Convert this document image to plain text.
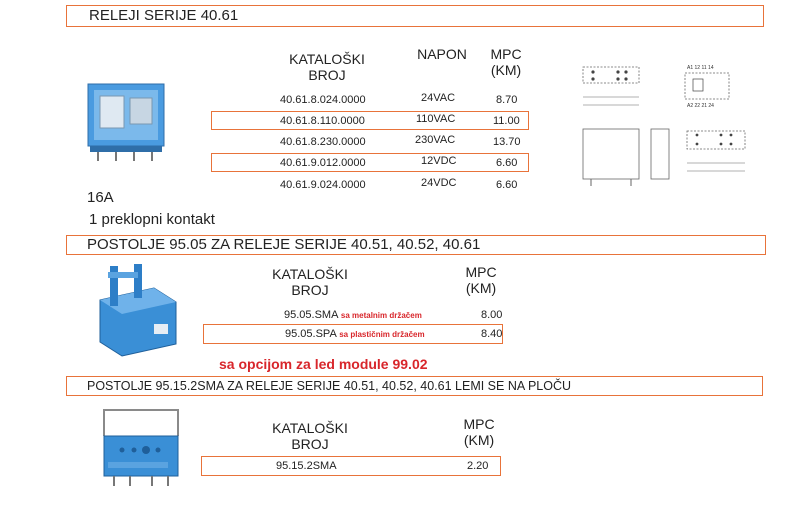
RELEJI SERIJE 40.61
KATALOŠKI
BROJ
NAPON	MPC
(KM)
40.61.8.024.0000	24VAC	8.70
40.61.8.110.0000	110VAC	11.00
40.61.8.230.0000	230VAC	13.70
40.61.9.012.0000	12VDC	6.60
40.61.9.024.0000	24VDC	6.60
16A
1 preklopni kontakt
A1 12 11 14
A2 22 21 24
POSTOLJE 95.05 ZA RELEJE SERIJE 40.51, 40.52, 40.61
KATALOŠKI
BROJ
MPC
(KM)
95.05.SMA sa metalnim držačem	8.00
95.05.SPA sa plastičnim držačem	8.40
sa opcijom za led module 99.02
POSTOLJE 95.15.2SMA ZA RELEJE SERIJE 40.51, 40.52, 40.61 LEMI SE NA PLOČU
KATALOŠKI
BROJ
MPC
(KM)
95.15.2SMA	2.20
